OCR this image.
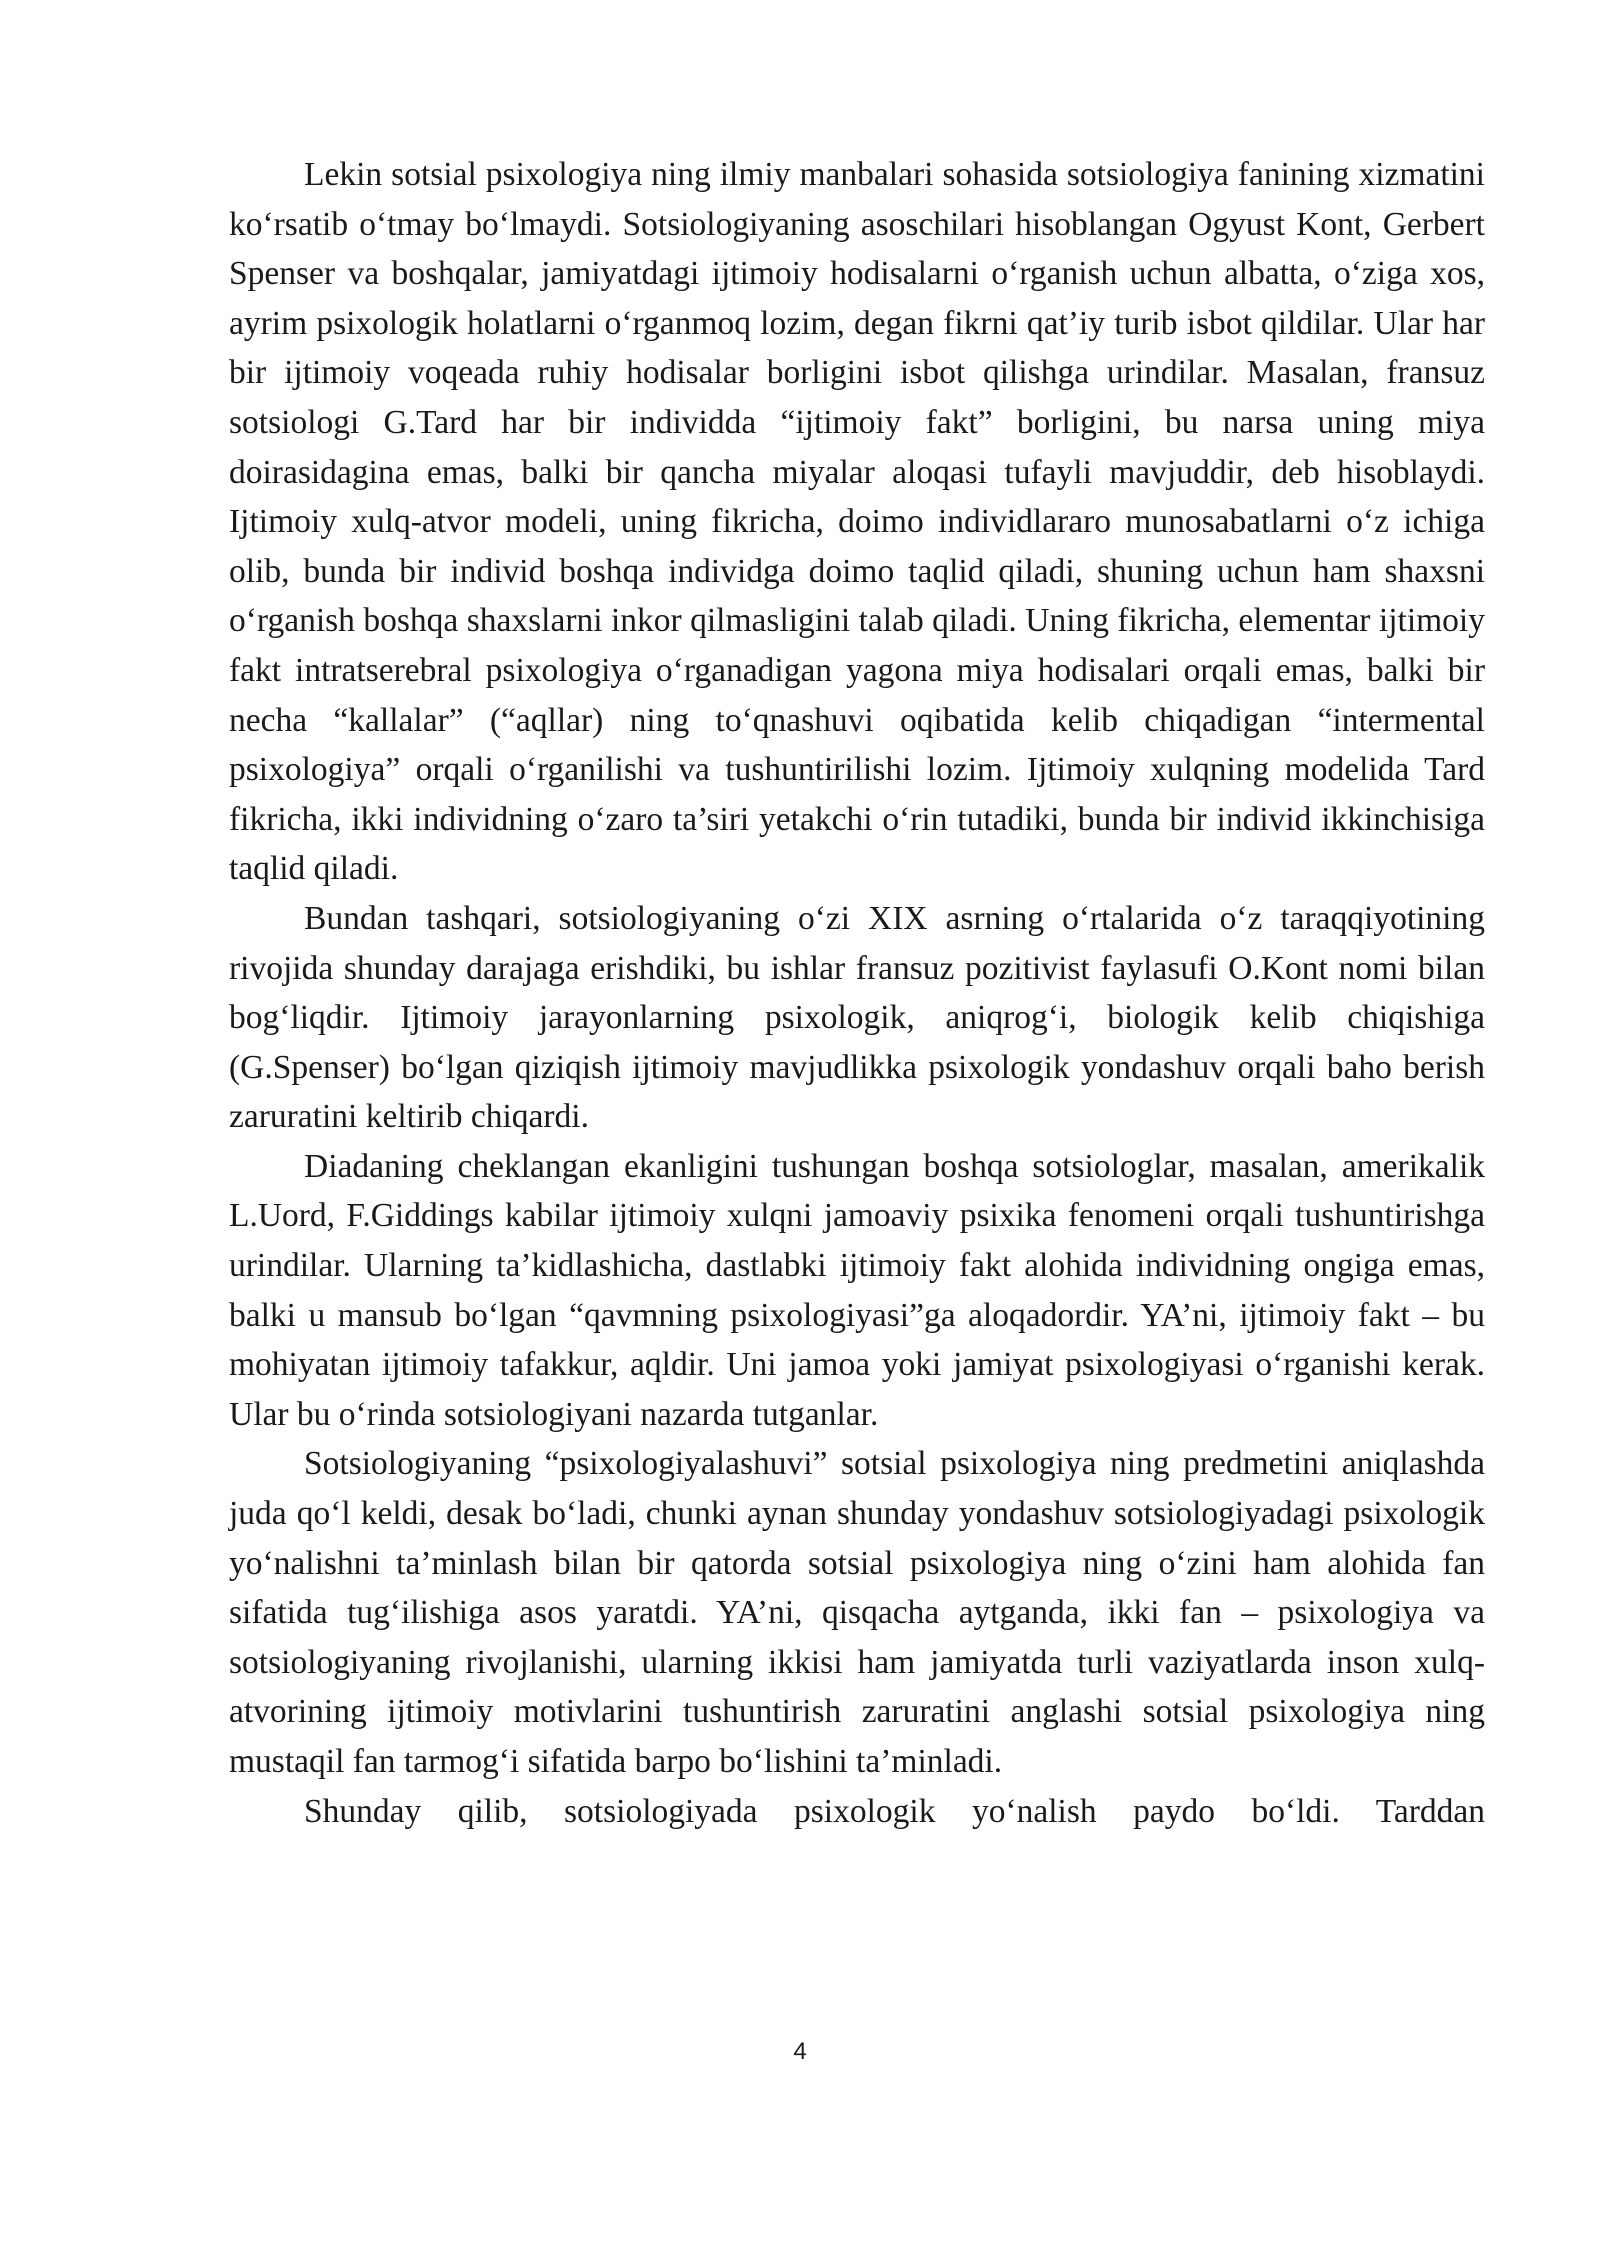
Lekin sotsial psixologiya ning ilmiy manbalari sohasida sotsiologiya fanining xizmatini ko‘rsatib o‘tmay bo‘lmaydi. Sotsiologiyaning asoschilari hisoblangan Ogyust Kont, Gerbert Spenser va boshqalar, jamiyatdagi ijtimoiy hodisalarni o‘rganish uchun albatta, o‘ziga xos, ayrim psixologik holatlarni o‘rganmoq lozim, degan fikrni qat’iy turib isbot qildilar. Ular har bir ijtimoiy voqeada ruhiy hodisalar borligini isbot qilishga urindilar. Masalan, fransuz sotsiologi G.Tard har bir individda “ijtimoiy fakt” borligini, bu narsa uning miya doirasidagina emas, balki bir qancha miyalar aloqasi tufayli mavjuddir, deb hisoblaydi. Ijtimoiy xulq-atvor modeli, uning fikricha, doimo individlararo munosabatlarni o‘z ichiga olib, bunda bir individ boshqa individga doimo taqlid qiladi, shuning uchun ham shaxsni o‘rganish boshqa shaxslarni inkor qilmasligini talab qiladi. Uning fikricha, elementar ijtimoiy fakt intratserebral psixologiya o‘rganadigan yagona miya hodisalari orqali emas, balki bir necha “kallalar” (“aqllar) ning to‘qnashuvi oqibatida kelib chiqadigan “intermental psixologiya” orqali o‘rganilishi va tushuntirilishi lozim. Ijtimoiy xulqning modelida Tard fikricha, ikki individning o‘zaro ta’siri yetakchi o‘rin tutadiki, bunda bir individ ikkinchisiga taqlid qiladi.

Bundan tashqari, sotsiologiyaning o‘zi XIX asrning o‘rtalarida o‘z taraqqiyotining rivojida shunday darajaga erishdiki, bu ishlar fransuz pozitivist faylasufi O.Kont nomi bilan bog‘liqdir. Ijtimoiy jarayonlarning psixologik, aniqrog‘i, biologik kelib chiqishiga (G.Spenser) bo‘lgan qiziqish ijtimoiy mavjudlikka psixologik yondashuv orqali baho berish zaruratini keltirib chiqardi.

Diadaning cheklangan ekanligini tushungan boshqa sotsiologlar, masalan, amerikalik L.Uord, F.Giddings kabilar ijtimoiy xulqni jamoaviy psixika fenomeni orqali tushuntirishga urindilar. Ularning ta’kidlashicha, dastlabki ijtimoiy fakt alohida individning ongiga emas, balki u mansub bo‘lgan “qavmning psixologiyasi”ga aloqadordir. YA’ni, ijtimoiy fakt – bu mohiyatan ijtimoiy tafakkur, aqldir. Uni jamoa yoki jamiyat psixologiyasi o‘rganishi kerak. Ular bu o‘rinda sotsiologiyani nazarda tutganlar.

Sotsiologiyaning “psixologiyalashuvi” sotsial psixologiya ning predmetini aniqlashda juda qo‘l keldi, desak bo‘ladi, chunki aynan shunday yondashuv sotsiologiyadagi psixologik yo‘nalishni ta’minlash bilan bir qatorda sotsial psixologiya ning o‘zini ham alohida fan sifatida tug‘ilishiga asos yaratdi. YA’ni, qisqacha aytganda, ikki fan – psixologiya va sotsiologiyaning rivojlanishi, ularning ikkisi ham jamiyatda turli vaziyatlarda inson xulq-atvorining ijtimoiy motivlarini tushuntirish zaruratini anglashi sotsial psixologiya ning mustaqil fan tarmog‘i sifatida barpo bo‘lishini ta’minladi.

Shunday qilib, sotsiologiyada psixologik yo‘nalish paydo bo‘ldi. Tarddan

4
